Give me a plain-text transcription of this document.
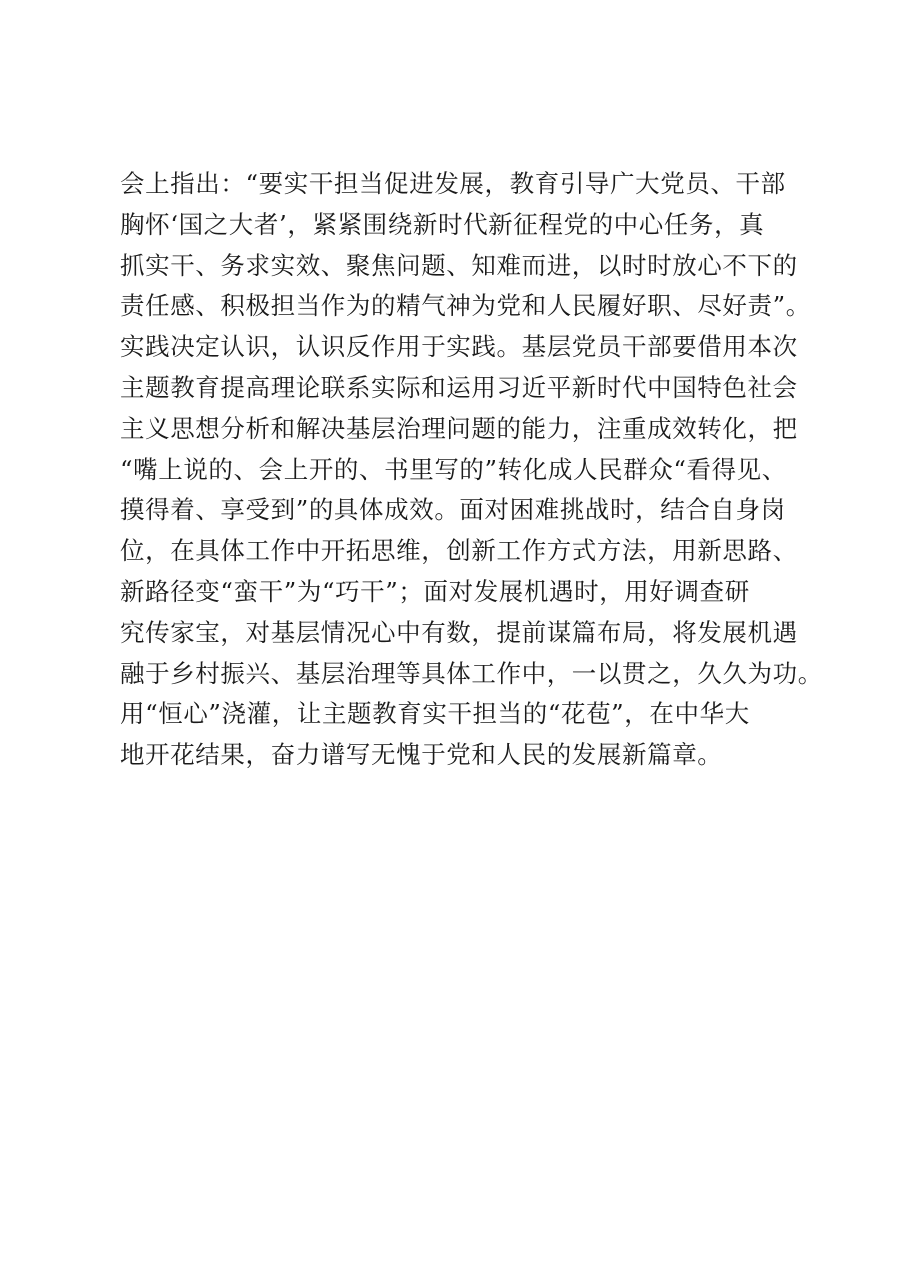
会上指出：“要实干担当促进发展，教育引导广大党员、干部
胸怀‘国之大者’，紧紧围绕新时代新征程党的中心任务，真
抓实干、务求实效、聚焦问题、知难而进，以时时放心不下的
责任感、积极担当作为的精气神为党和人民履好职、尽好责”。
实践决定认识，认识反作用于实践。基层党员干部要借用本次
主题教育提高理论联系实际和运用习近平新时代中国特色社会
主义思想分析和解决基层治理问题的能力，注重成效转化，把
“嘴上说的、会上开的、书里写的”转化成人民群众“看得见、
摸得着、享受到”的具体成效。面对困难挑战时，结合自身岗
位，在具体工作中开拓思维，创新工作方式方法，用新思路、
新路径变“蛮干”为“巧干”；面对发展机遇时，用好调查研
究传家宝，对基层情况心中有数，提前谋篇布局，将发展机遇
融于乡村振兴、基层治理等具体工作中，一以贯之，久久为功。
用“恒心”浇灌，让主题教育实干担当的“花苞”，在中华大
地开花结果，奋力谱写无愧于党和人民的发展新篇章。
